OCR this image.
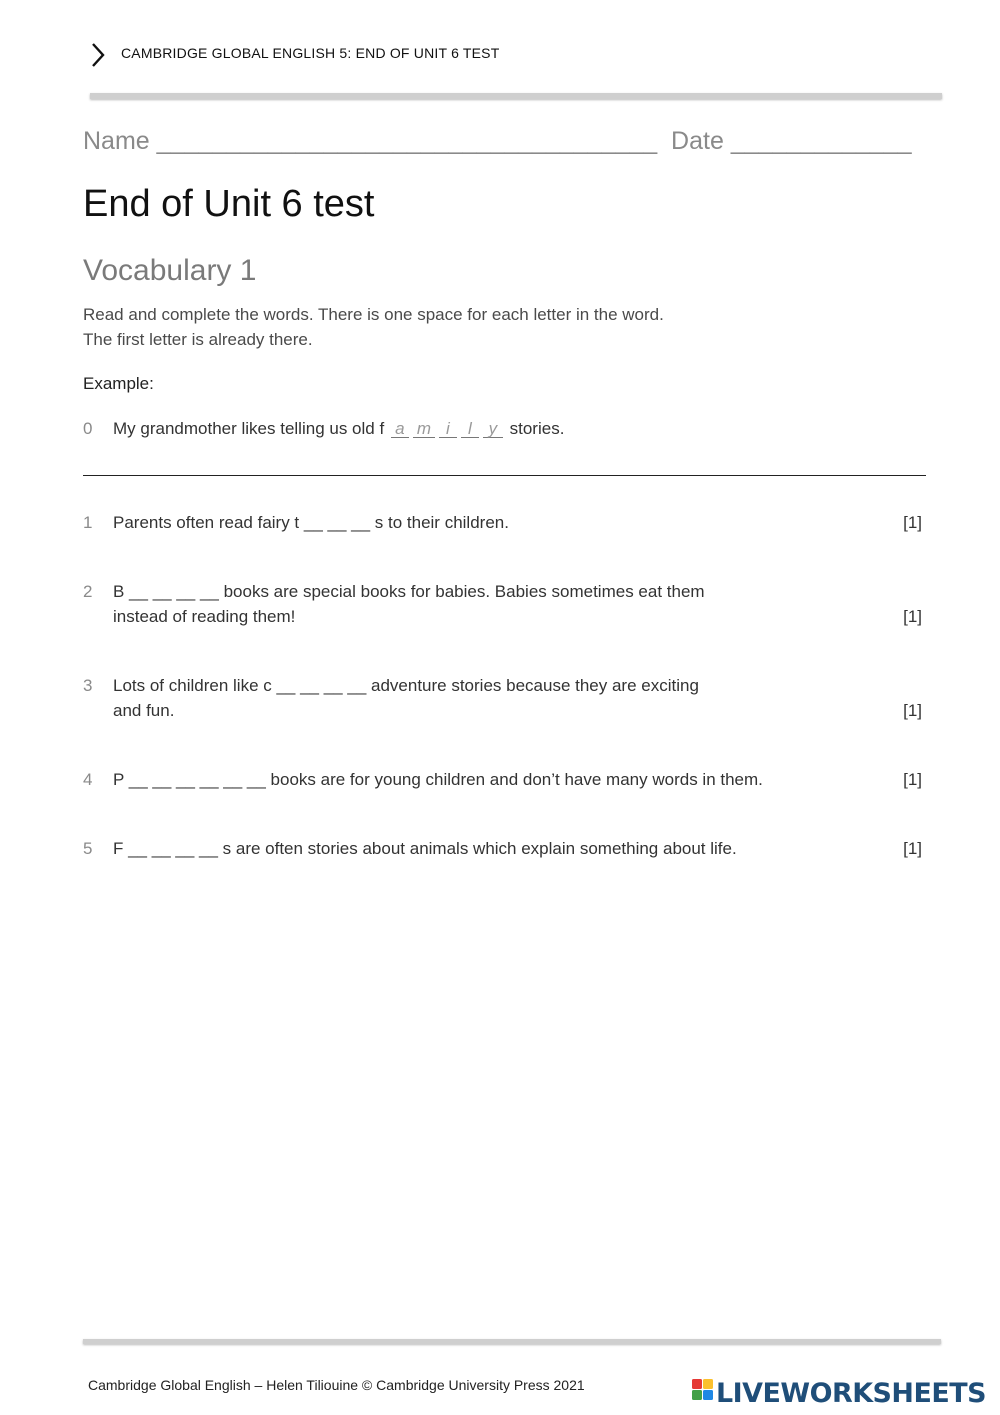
CAMBRIDGE GLOBAL ENGLISH 5: END OF UNIT 6 TEST
Name ____________________________________  Date _____________
End of Unit 6 test
Vocabulary 1
Read and complete the words. There is one space for each letter in the word.
The first letter is already there.
Example:
0 My grandmother likes telling us old f a m i l y stories.
1 Parents often read fairy t __ __ __ s to their children.	[1]
2 B __ __ __ __ books are special books for babies. Babies sometimes eat them
instead of reading them!	[1]
3 Lots of children like c __ __ __ __ adventure stories because they are exciting
and fun.	[1]
4 P __ __ __ __ __ __ books are for young children and don’t have many words in them.	[1]
5 F __ __ __ __ s are often stories about animals which explain something about life.	[1]
Cambridge Global English – Helen Tiliouine © Cambridge University Press 2021	LIVEWORKSHEETS
